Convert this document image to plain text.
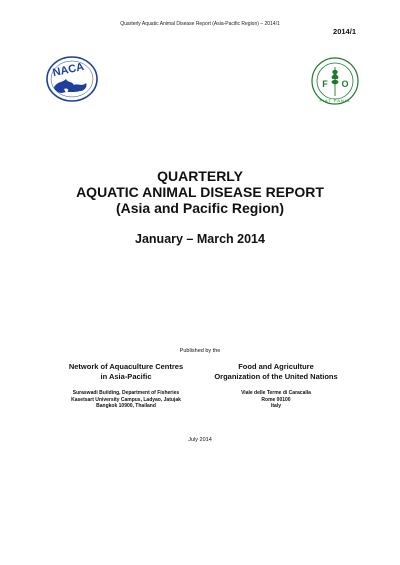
Quarterly Aquatic Animal Disease Report (Asia-Pacific Region) – 2014/1
2014/1
NACA
F
A
O
FIAT PANIS
QUARTERLY
AQUATIC ANIMAL DISEASE REPORT
(Asia and Pacific Region)
January – March 2014
Published by the
Network of Aquaculture Centres
in Asia-Pacific
Suraswadi Building, Department of Fisheries
Kasetsart University Campus, Ladyao, Jatujak
Bangkok 10900, Thailand
Food and Agriculture
Organization of the United Nations
Viale delle Terme di Caracalla
Rome 00100
Italy
July 2014
